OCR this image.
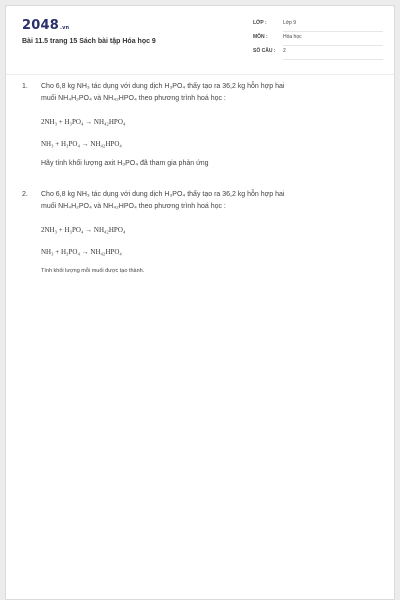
2048.vn
Bài 11.5 trang 15 Sách bài tập Hóa học 9
LỚP :	Lớp 9
MÔN :	Hóa học
SỐ CÂU : 2
1. Cho 6,8 kg NH₃ tác dụng với dung dịch H₃PO₄ thấy tạo ra 36,2 kg hỗn hợp hai
muối NH₄H₂PO₄ và NH₄₂HPO₄ theo phương trình hoá học :
2NH₃ + H₃PO₄ → NH₄₂HPO₄
NH₃ + H₃PO₄ → NH₄₂HPO₄
Hãy tính khối lượng axit H₃PO₄ đã tham gia phản ứng
2. Cho 6,8 kg NH₃ tác dụng với dung dịch H₃PO₄ thấy tạo ra 36,2 kg hỗn hợp hai
muối NH₄H₂PO₄ và NH₄₂HPO₄ theo phương trình hoá học :
2NH₃ + H₃PO₄ → NH₄₂HPO₄
NH₃ + H₃PO₄ → NH₄₂HPO₄
Tính khối lượng mỗi muối được tạo thành.
